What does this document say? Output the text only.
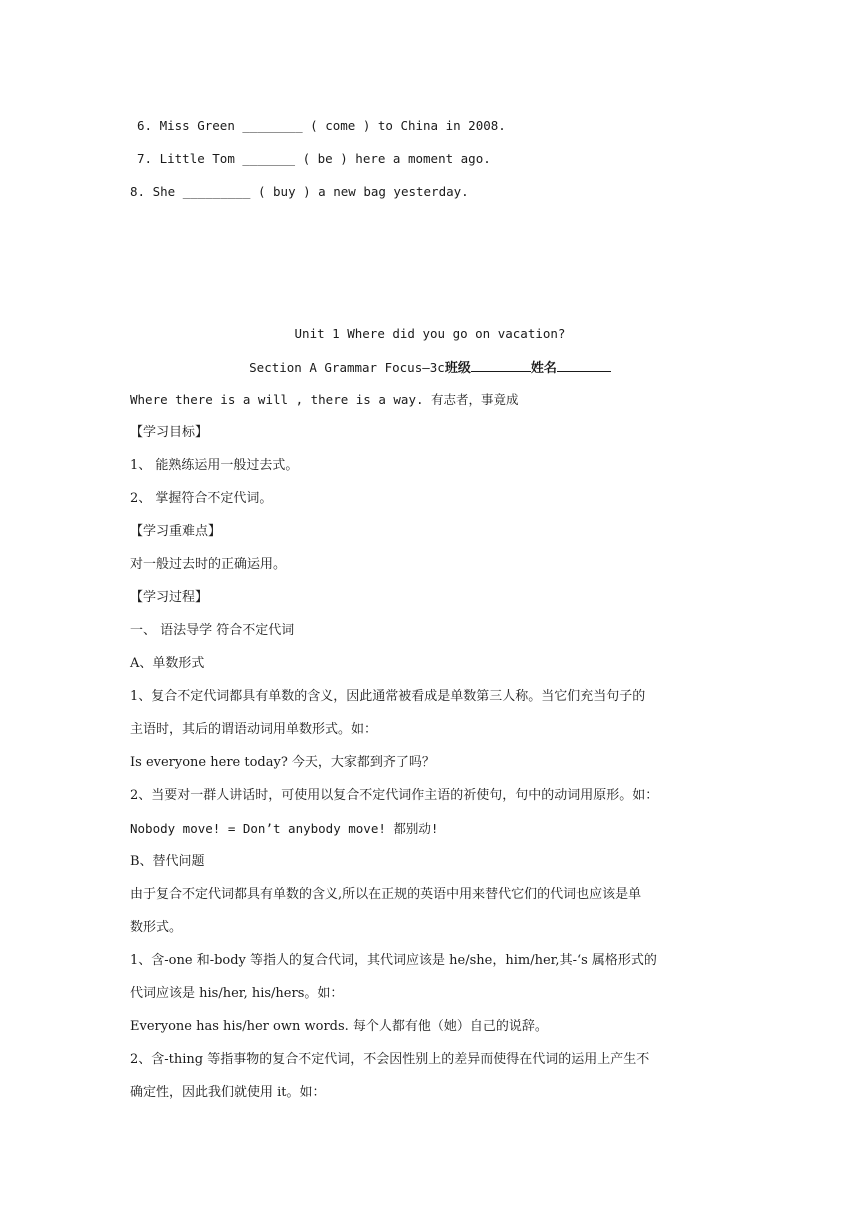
6. Miss Green ________ ( come ) to China in 2008.
7. Little Tom _______ ( be ) here a moment ago.
8. She _________ ( buy ) a new bag yesterday.
Unit 1 Where did you go on vacation?
Section A Grammar Focus—3c班级	姓名
Where there is a will , there is a way. 有志者，事竟成
【学习目标】
1、 能熟练运用一般过去式。
2、 掌握符合不定代词。
【学习重难点】
对一般过去时的正确运用。
【学习过程】
一、 语法导学 符合不定代词
A、单数形式
1、复合不定代词都具有单数的含义，因此通常被看成是单数第三人称。当它们充当句子的
主语时，其后的谓语动词用单数形式。如：
Is everyone here today? 今天，大家都到齐了吗？
2、当要对一群人讲话时，可使用以复合不定代词作主语的祈使句，句中的动词用原形。如：
Nobody move! = Don’t anybody move! 都别动!
B、替代问题
由于复合不定代词都具有单数的含义,所以在正规的英语中用来替代它们的代词也应该是单
数形式。
1、含-one 和-body 等指人的复合代词，其代词应该是 he/she，him/her,其-‘s 属格形式的
代词应该是 his/her, his/hers。如：
Everyone has his/her own words. 每个人都有他（她）自己的说辞。
2、含-thing 等指事物的复合不定代词，不会因性别上的差异而使得在代词的运用上产生不
确定性，因此我们就使用 it。如：
